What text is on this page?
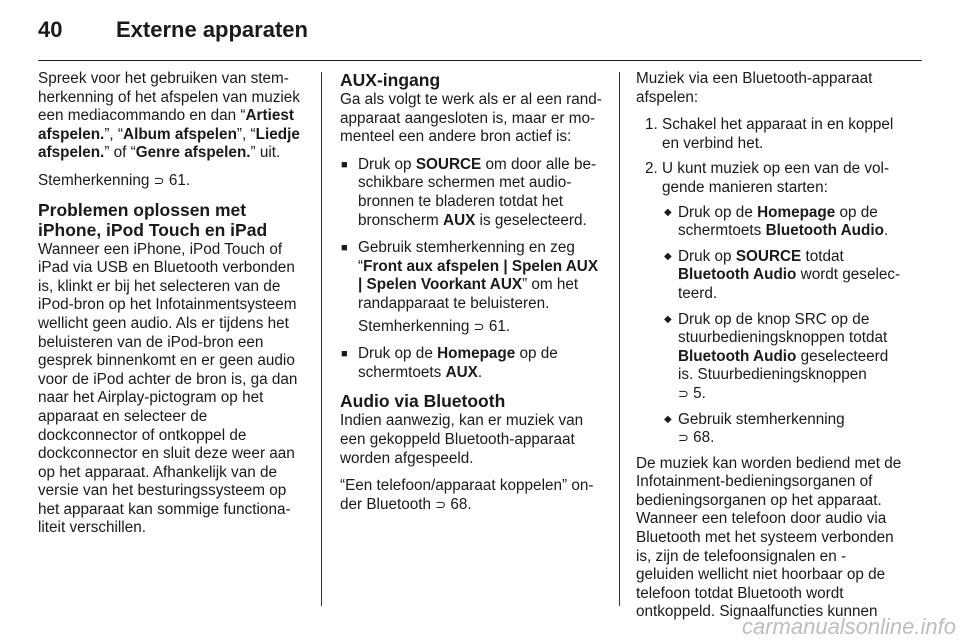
40	Externe apparaten

Spreek voor het gebruiken van stemherkenning of het afspelen van muziek een mediacommando en dan “Artiest afspelen.”, “Album afspelen”, “Liedje afspelen.” of “Genre afspelen.” uit.

Stemherkenning ⊃ 61.

Problemen oplossen met iPhone, iPod Touch en iPad

Wanneer een iPhone, iPod Touch of iPad via USB en Bluetooth verbonden is, klinkt er bij het selecteren van de iPod-bron op het Infotainmentsysteem wellicht geen audio. Als er tijdens het beluisteren van de iPod-bron een gesprek binnenkomt en er geen audio voor de iPod achter de bron is, ga dan naar het Airplay-pictogram op het apparaat en selecteer de dockconnector of ontkoppel de dockconnector en sluit deze weer aan op het apparaat. Afhankelijk van de versie van het besturingssysteem op het apparaat kan sommige functionaliteit verschillen.

AUX-ingang

Ga als volgt te werk als er al een randapparaat aangesloten is, maar er momenteel een andere bron actief is:

■ Druk op SOURCE om door alle beschikbare schermen met audiobronnen te bladeren totdat het bronscherm AUX is geselecteerd.
■ Gebruik stemherkenning en zeg “Front aux afspelen | Spelen AUX | Spelen Voorkant AUX” om het randapparaat te beluisteren.

Stemherkenning ⊃ 61.

■ Druk op de Homepage op de schermtoets AUX.
Audio via Bluetooth

Indien aanwezig, kan er muziek van een gekoppeld Bluetooth-apparaat worden afgespeeld.

“Een telefoon/apparaat koppelen” onder Bluetooth ⊃ 68.

Muziek via een Bluetooth-apparaat afspelen:

1. Schakel het apparaat in en koppel en verbind het.
2. U kunt muziek op een van de volgende manieren starten:
◆ Druk op de Homepage op de schermtoets Bluetooth Audio.
◆ Druk op SOURCE totdat Bluetooth Audio wordt geselecteerd.
◆ Druk op de knop SRC op de stuurbedieningsknoppen totdat Bluetooth Audio geselecteerd is. Stuurbedieningsknoppen
⊃ 5.
◆ Gebruik stemherkenning
⊃ 68.

De muziek kan worden bediend met de Infotainment-bedieningsorganen of bedieningsorganen op het apparaat. Wanneer een telefoon door audio via Bluetooth met het systeem verbonden is, zijn de telefoonsignalen en -geluiden wellicht niet hoorbaar op de telefoon totdat Bluetooth wordt ontkoppeld. Signaalfuncties kunnen

carmanualsonline.info
